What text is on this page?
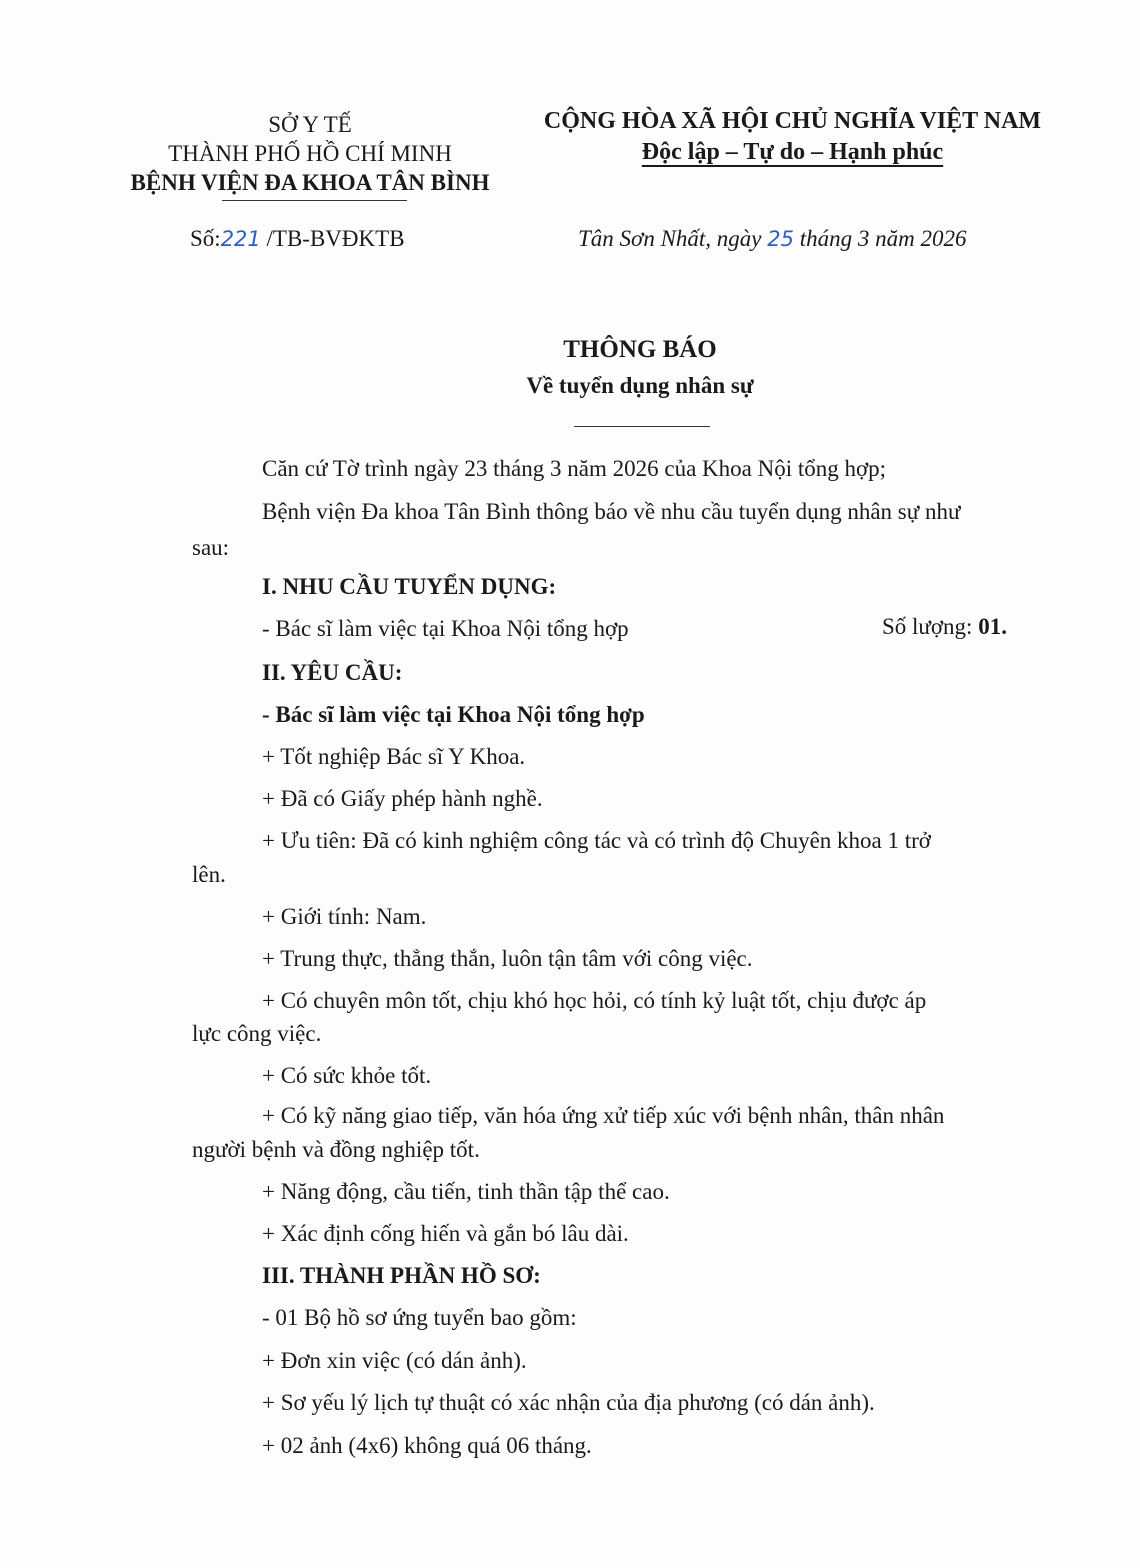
SỞ Y TẾ
THÀNH PHỐ HỒ CHÍ MINH
BỆNH VIỆN ĐA KHOA TÂN BÌNH
CỘNG HÒA XÃ HỘI CHỦ NGHĨA VIỆT NAM
Độc lập – Tự do – Hạnh phúc
Số:221 /TB-BVĐKTB	Tân Sơn Nhất, ngày 25 tháng 3 năm 2026
THÔNG BÁO
Về tuyển dụng nhân sự
Căn cứ Tờ trình ngày 23 tháng 3 năm 2026 của Khoa Nội tổng hợp;
Bệnh viện Đa khoa Tân Bình thông báo về nhu cầu tuyển dụng nhân sự như
sau:
I. NHU CẦU TUYỂN DỤNG:
- Bác sĩ làm việc tại Khoa Nội tổng hợp	Số lượng: 01.
II. YÊU CẦU:
- Bác sĩ làm việc tại Khoa Nội tổng hợp
+ Tốt nghiệp Bác sĩ Y Khoa.
+ Đã có Giấy phép hành nghề.
+ Ưu tiên: Đã có kinh nghiệm công tác và có trình độ Chuyên khoa 1 trở
lên.
+ Giới tính: Nam.
+ Trung thực, thẳng thắn, luôn tận tâm với công việc.
+ Có chuyên môn tốt, chịu khó học hỏi, có tính kỷ luật tốt, chịu được áp
lực công việc.
+ Có sức khỏe tốt.
+ Có kỹ năng giao tiếp, văn hóa ứng xử tiếp xúc với bệnh nhân, thân nhân
người bệnh và đồng nghiệp tốt.
+ Năng động, cầu tiến, tinh thần tập thể cao.
+ Xác định cống hiến và gắn bó lâu dài.
III. THÀNH PHẦN HỒ SƠ:
- 01 Bộ hồ sơ ứng tuyển bao gồm:
+ Đơn xin việc (có dán ảnh).
+ Sơ yếu lý lịch tự thuật có xác nhận của địa phương (có dán ảnh).
+ 02 ảnh (4x6) không quá 06 tháng.
